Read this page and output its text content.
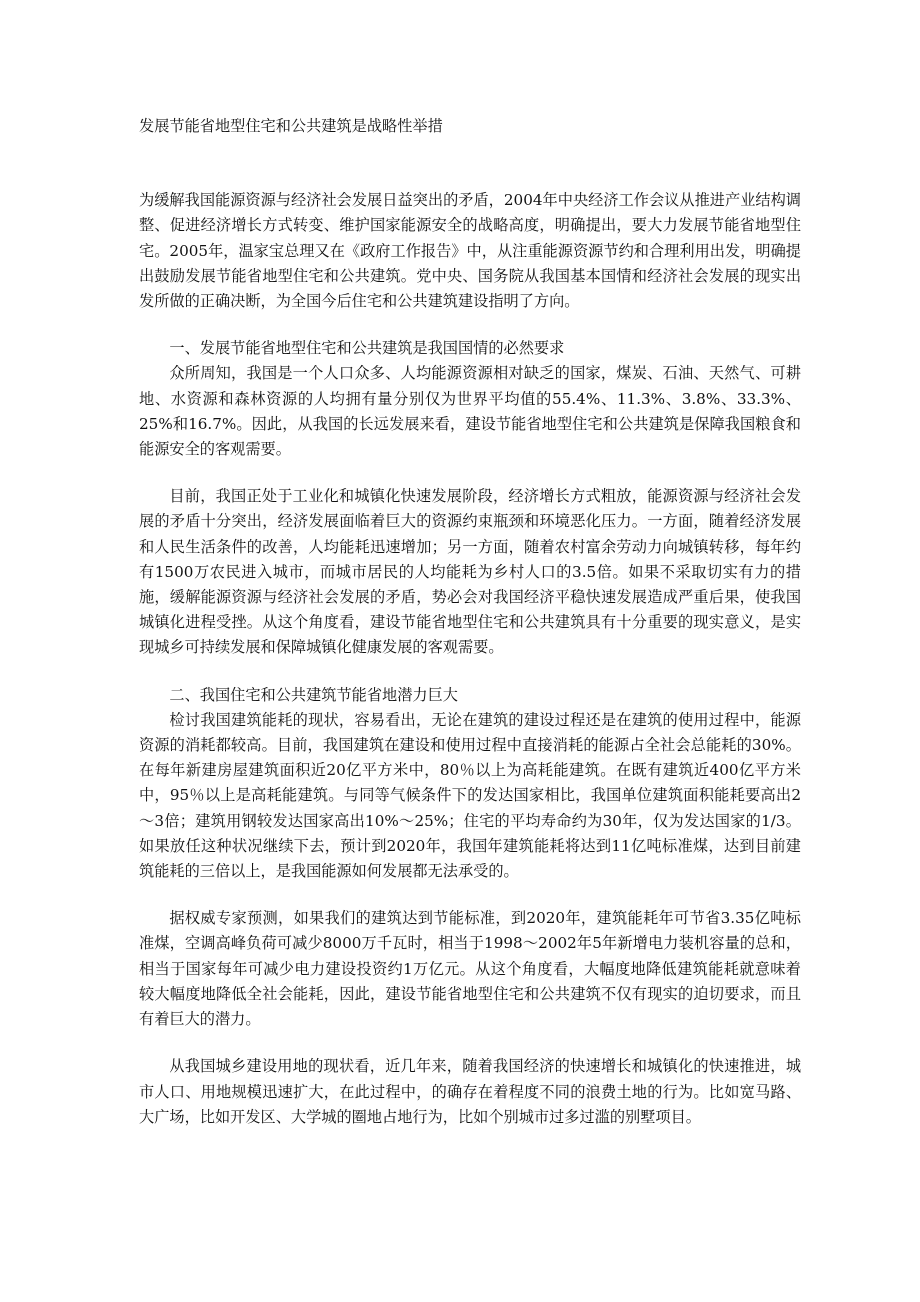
发展节能省地型住宅和公共建筑是战略性举措

为缓解我国能源资源与经济社会发展日益突出的矛盾，2004年中央经济工作会议从推进产业结构调整、促进经济增长方式转变、维护国家能源安全的战略高度，明确提出，要大力发展节能省地型住宅。2005年，温家宝总理又在《政府工作报告》中，从注重能源资源节约和合理利用出发，明确提出鼓励发展节能省地型住宅和公共建筑。党中央、国务院从我国基本国情和经济社会发展的现实出发所做的正确决断，为全国今后住宅和公共建筑建设指明了方向。

一、发展节能省地型住宅和公共建筑是我国国情的必然要求

众所周知，我国是一个人口众多、人均能源资源相对缺乏的国家，煤炭、石油、天然气、可耕地、水资源和森林资源的人均拥有量分别仅为世界平均值的55.4%、11.3%、3.8%、33.3%、25%和16.7%。因此，从我国的长远发展来看，建设节能省地型住宅和公共建筑是保障我国粮食和能源安全的客观需要。

目前，我国正处于工业化和城镇化快速发展阶段，经济增长方式粗放，能源资源与经济社会发展的矛盾十分突出，经济发展面临着巨大的资源约束瓶颈和环境恶化压力。一方面，随着经济发展和人民生活条件的改善，人均能耗迅速增加；另一方面，随着农村富余劳动力向城镇转移，每年约有1500万农民进入城市，而城市居民的人均能耗为乡村人口的3.5倍。如果不采取切实有力的措施，缓解能源资源与经济社会发展的矛盾，势必会对我国经济平稳快速发展造成严重后果，使我国城镇化进程受挫。从这个角度看，建设节能省地型住宅和公共建筑具有十分重要的现实意义，是实现城乡可持续发展和保障城镇化健康发展的客观需要。

二、我国住宅和公共建筑节能省地潜力巨大

检讨我国建筑能耗的现状，容易看出，无论在建筑的建设过程还是在建筑的使用过程中，能源资源的消耗都较高。目前，我国建筑在建设和使用过程中直接消耗的能源占全社会总能耗的30%。在每年新建房屋建筑面积近20亿平方米中，80％以上为高耗能建筑。在既有建筑近400亿平方米中，95％以上是高耗能建筑。与同等气候条件下的发达国家相比，我国单位建筑面积能耗要高出2～3倍；建筑用钢较发达国家高出10%～25%；住宅的平均寿命约为30年，仅为发达国家的1/3。如果放任这种状况继续下去，预计到2020年，我国年建筑能耗将达到11亿吨标准煤，达到目前建筑能耗的三倍以上，是我国能源如何发展都无法承受的。

据权威专家预测，如果我们的建筑达到节能标准，到2020年，建筑能耗年可节省3.35亿吨标准煤，空调高峰负荷可减少8000万千瓦时，相当于1998～2002年5年新增电力装机容量的总和，相当于国家每年可减少电力建设投资约1万亿元。从这个角度看，大幅度地降低建筑能耗就意味着较大幅度地降低全社会能耗，因此，建设节能省地型住宅和公共建筑不仅有现实的迫切要求，而且有着巨大的潜力。

从我国城乡建设用地的现状看，近几年来，随着我国经济的快速增长和城镇化的快速推进，城市人口、用地规模迅速扩大，在此过程中，的确存在着程度不同的浪费土地的行为。比如宽马路、大广场，比如开发区、大学城的圈地占地行为，比如个别城市过多过滥的别墅项目。
